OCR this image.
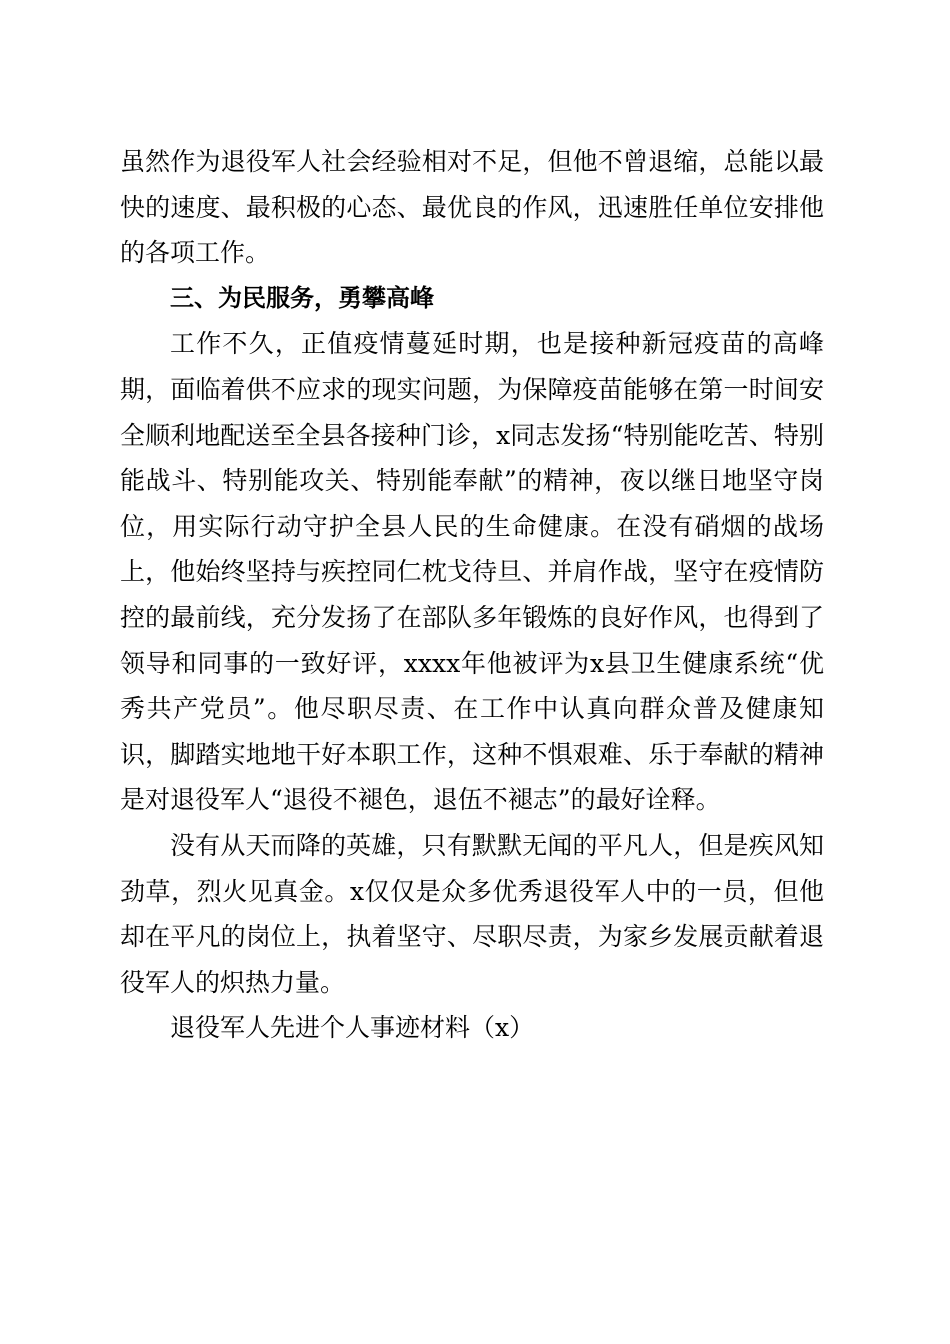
虽然作为退役军人社会经验相对不足，但他不曾退缩，总能以最快的速度、最积极的心态、最优良的作风，迅速胜任单位安排他的各项工作。

三、为民服务，勇攀高峰

工作不久，正值疫情蔓延时期，也是接种新冠疫苗的高峰期，面临着供不应求的现实问题，为保障疫苗能够在第一时间安全顺利地配送至全县各接种门诊，x同志发扬“特别能吃苦、特别能战斗、特别能攻关、特别能奉献”的精神，夜以继日地坚守岗位，用实际行动守护全县人民的生命健康。在没有硝烟的战场上，他始终坚持与疾控同仁枕戈待旦、并肩作战，坚守在疫情防控的最前线，充分发扬了在部队多年锻炼的良好作风，也得到了领导和同事的一致好评，xxxx年他被评为x县卫生健康系统“优秀共产党员”。他尽职尽责、在工作中认真向群众普及健康知识，脚踏实地地干好本职工作，这种不惧艰难、乐于奉献的精神是对退役军人“退役不褪色，退伍不褪志”的最好诠释。

没有从天而降的英雄，只有默默无闻的平凡人，但是疾风知劲草，烈火见真金。x仅仅是众多优秀退役军人中的一员，但他却在平凡的岗位上，执着坚守、尽职尽责，为家乡发展贡献着退役军人的炽热力量。

退役军人先进个人事迹材料（x）
